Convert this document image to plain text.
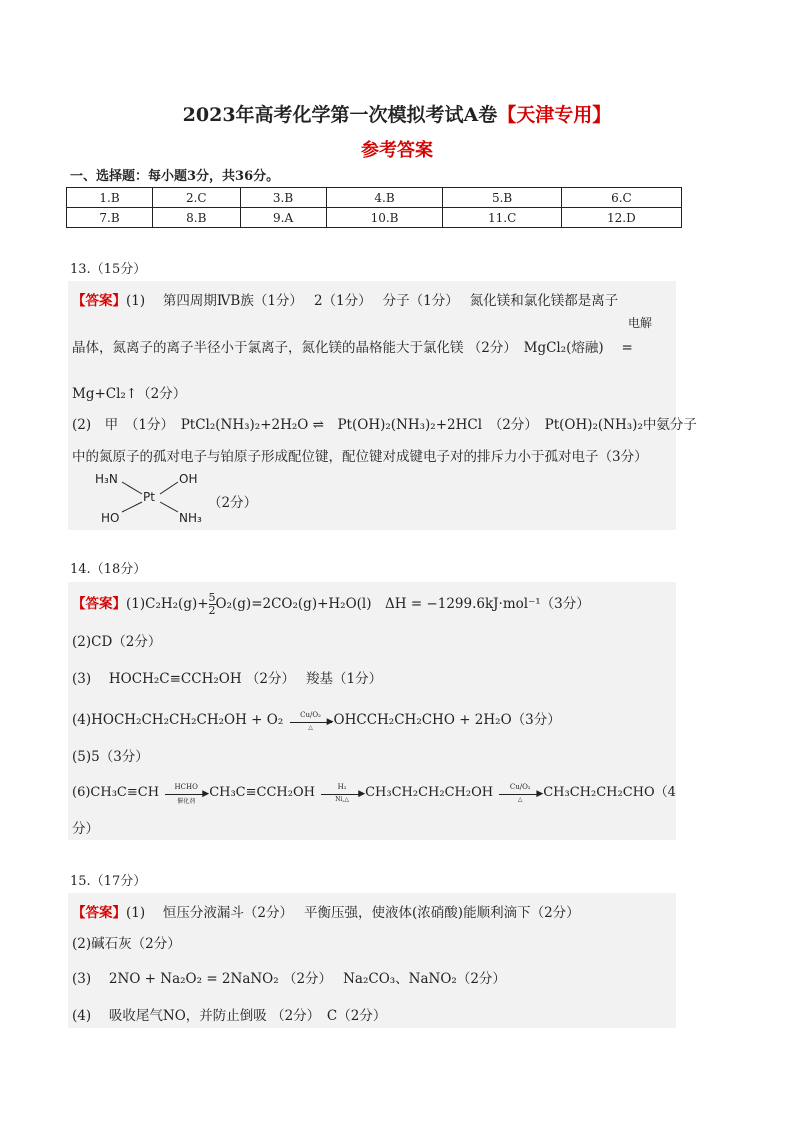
2023年高考化学第一次模拟考试A卷【天津专用】
参考答案
一、选择题：每小题3分，共36分。
1.B	2.C	3.B	4.B	5.B	6.C
7.B	8.B	9.A	10.B	11.C	12.D
13.（15分）
【答案】(1)　 第四周期ⅣB族（1分）　 2（1分）　 分子（1分）　 氮化镁和氯化镁都是离子
电解
晶体，氮离子的离子半径小于氯离子，氮化镁的晶格能大于氯化镁 （2分）　MgCl₂(熔融)　 =
Mg+Cl₂↑（2分）
(2)　甲　（1分）　PtCl₂(NH₃)₂+2H₂O ⇌　Pt(OH)₂(NH₃)₂+2HCl　（2分）　Pt(OH)₂(NH₃)₂中氨分子
中的氮原子的孤对电子与铂原子形成配位键，配位键对成键电子对的排斥力小于孤对电子（3分）
H₃N	OH
Pt
HO	NH₃
（2分）
14.（18分）
【答案】$(1)C_2H_2(g)+ \frac{5}{2} O_2(g)=2CO_2(g)+H_2O(l)$　ΔH = −1299.6kJ·mol⁻¹（3分）
(2)CD（2分）
(3)　 HOCH₂C≡CCH₂OH （2分）　 羧基（1分）
(4)HOCH₂CH₂CH₂CH₂OH + O₂	Cu/O₂
▶
△	OHCCH₂CH₂CHO + 2H₂O（3分）
(5)5（3分）
(6)CH₃C≡CH	HCHO
▶
催化剂
CH₃C≡CCH₂OH	H₂
▶
Ni,△	CH₃CH₂CH₂CH₂OH	Cu/O₂
▶
△	CH₃CH₂CH₂CHO（4
分）
15.（17分）
【答案】(1)　 恒压分液漏斗（2分）　 平衡压强，使液体(浓硝酸)能顺利滴下（2分）
(2)碱石灰（2分）
(3)　 2NO + Na₂O₂ = 2NaNO₂ （2分）　 Na₂CO₃、NaNO₂（2分）
(4)　 吸收尾气NO，并防止倒吸 （2分）　C（2分）
